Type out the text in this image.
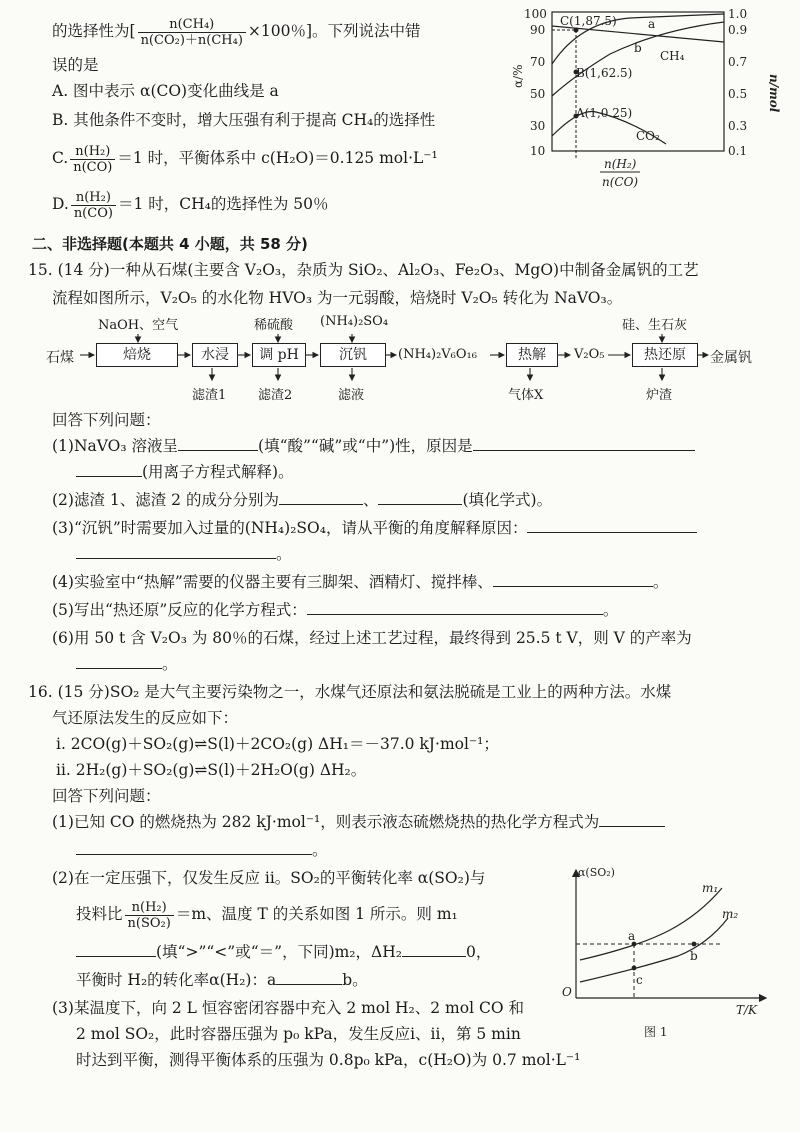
的选择性为[ $\frac{\text{n(CH₄)}}{\text{n(CO₂)＋n(CH₄)}} \times 100$％]。下列说法中错
误的是
A. 图中表示 α(CO)变化曲线是 a
B. 其他条件不变时，增大压强有利于提高 CH₄的选择性
C. $\frac{\text{n(H₂)}}{n(CO)} =1$ 时，平衡体系中 c(H₂O)＝0.125 mol·L⁻¹
D. $\frac{\text{n(H₂)}}{n(CO)} =1$ 时，CH₄的选择性为 50％
α/%	n/mol
100
90
70
50
30
10
1.0
0.9
0.7
0.5
0.3
0.1
C(1,87.5)
B(1,62.5)
A(1,0.25)
a
b
CH₄
CO₂
n(H₂)
n(CO)
二、非选择题(本题共 4 小题，共 58 分)
15. (14 分)一种从石煤(主要含 V₂O₃，杂质为 SiO₂、Al₂O₃、Fe₂O₃、MgO)中制备金属钒的工艺
流程如图所示，V₂O₅ 的水化物 HVO₃ 为一元弱酸，焙烧时 V₂O₅ 转化为 NaVO₃。
NaOH、空气	稀硫酸 (NH₄)₂SO₄	硅、生石灰
石煤	焙烧	水浸	调 pH	沉钒	(NH₄)₂V₆O₁₆	热解	V₂O₅	热还原	金属钒
滤渣1 滤渣2	滤液	气体X	炉渣
回答下列问题：
(1)NaVO₃ 溶液呈	(填“酸”“碱”或“中”)性，原因是
(用离子方程式解释)。
(2)滤渣 1、滤渣 2 的成分分别为	、	(填化学式)。
(3)“沉钒”时需要加入过量的(NH₄)₂SO₄，请从平衡的角度解释原因：
。
(4)实验室中“热解”需要的仪器主要有三脚架、酒精灯、搅拌棒、	。
(5)写出“热还原”反应的化学方程式：	。
(6)用 50 t 含 V₂O₃ 为 80％的石煤，经过上述工艺过程，最终得到 25.5 t V，则 V 的产率为
。
16. (15 分)SO₂ 是大气主要污染物之一，水煤气还原法和氨法脱硫是工业上的两种方法。水煤
气还原法发生的反应如下：
ⅰ. 2CO(g)＋SO₂(g)⇌S(l)＋2CO₂(g) ΔH₁＝－37.0 kJ·mol⁻¹；
ⅱ. 2H₂(g)＋SO₂(g)⇌S(l)＋2H₂O(g) ΔH₂。
回答下列问题：
(1)已知 CO 的燃烧热为 282 kJ·mol⁻¹，则表示液态硫燃烧热的热化学方程式为
。
(2)在一定压强下，仅发生反应 ⅱ。SO₂的平衡转化率 α(SO₂)与
投料比 $\frac{\text{n(H₂)}}{\text{n(SO₂)}} =m$、温度 T 的关系如图 1 所示。则 m₁
(填“>”“<”或“＝”，下同)m₂，ΔH₂	0，
平衡时 H₂的转化率α(H₂)：a	b。
(3)某温度下，向 2 L 恒容密闭容器中充入 2 mol H₂、2 mol CO 和
2 mol SO₂，此时容器压强为 p₀ kPa，发生反应ⅰ、ⅱ，第 5 min
时达到平衡，测得平衡体系的压强为 0.8p₀ kPa，c(H₂O)为 0.7 mol·L⁻¹
α(SO₂)
m₁
m₂
a
b
c
O
T/K
图 1
